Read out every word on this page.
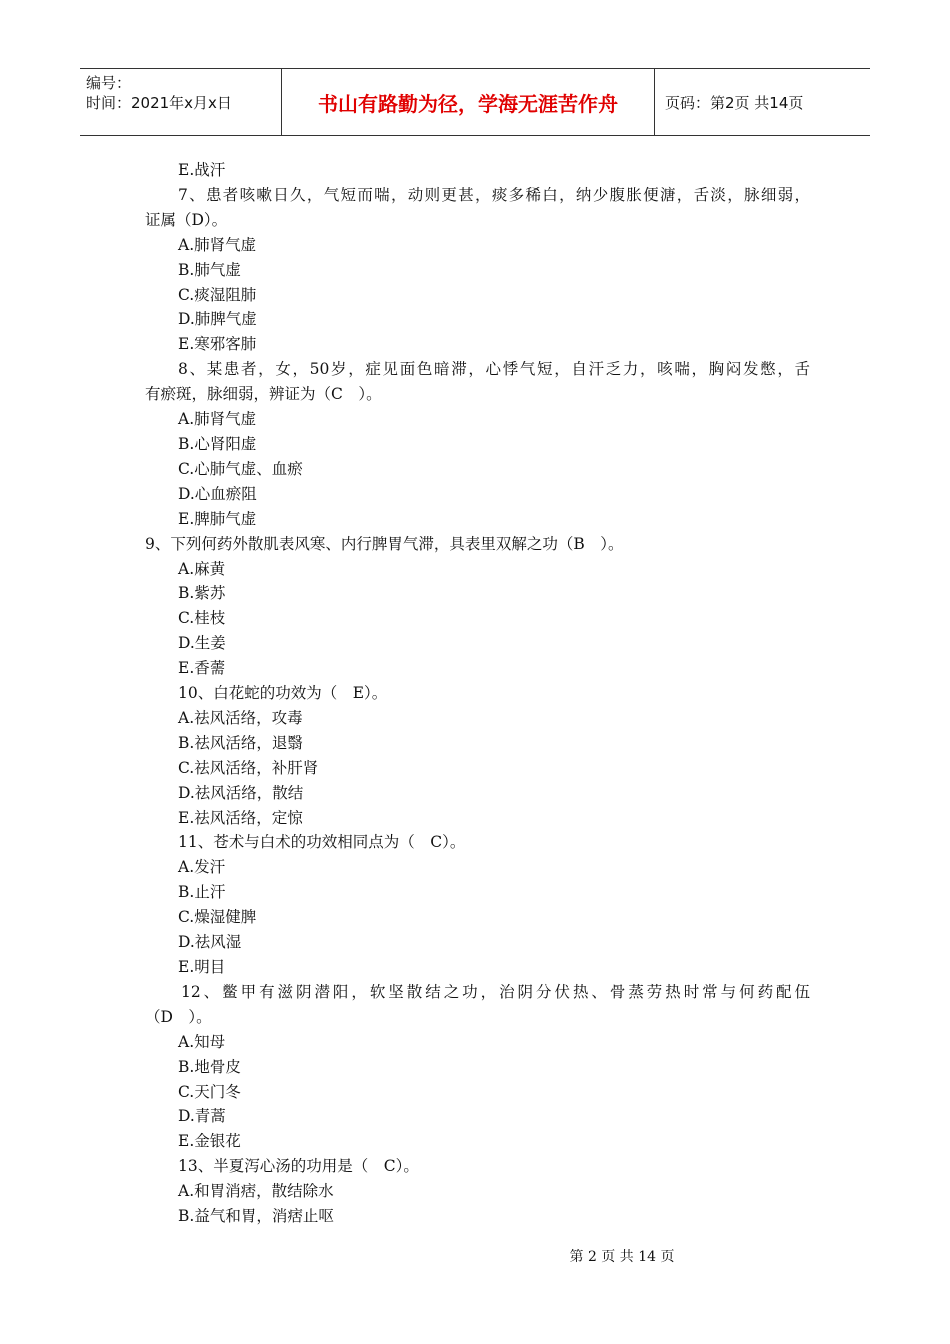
编号：
时间：2021年x月x日	书山有路勤为径，学海无涯苦作舟	页码：第2页 共14页
E.战汗
7、患者咳嗽日久，气短而喘，动则更甚，痰多稀白，纳少腹胀便溏，舌淡，脉细弱，
证属（D）。
A.肺肾气虚
B.肺气虚
C.痰湿阻肺
D.肺脾气虚
E.寒邪客肺
8、某患者，女，50岁，症见面色暗滞，心悸气短，自汗乏力，咳喘，胸闷发憋，舌
有瘀斑，脉细弱，辨证为（C　）。
A.肺肾气虚
B.心肾阳虚
C.心肺气虚、血瘀
D.心血瘀阻
E.脾肺气虚
9、下列何药外散肌表风寒、内行脾胃气滞，具表里双解之功（B　）。
A.麻黄
B.紫苏
C.桂枝
D.生姜
E.香薷
10、白花蛇的功效为（　E）。
A.祛风活络，攻毒
B.祛风活络，退翳
C.祛风活络，补肝肾
D.祛风活络，散结
E.祛风活络，定惊
11、苍术与白术的功效相同点为（　C）。
A.发汗
B.止汗
C.燥湿健脾
D.祛风湿
E.明目
12、鳖甲有滋阴潜阳，软坚散结之功，治阴分伏热、骨蒸劳热时常与何药配伍
（D　）。
A.知母
B.地骨皮
C.天门冬
D.青蒿
E.金银花
13、半夏泻心汤的功用是（　C）。
A.和胃消痞，散结除水
B.益气和胃，消痞止呕
第 2 页 共 14 页
